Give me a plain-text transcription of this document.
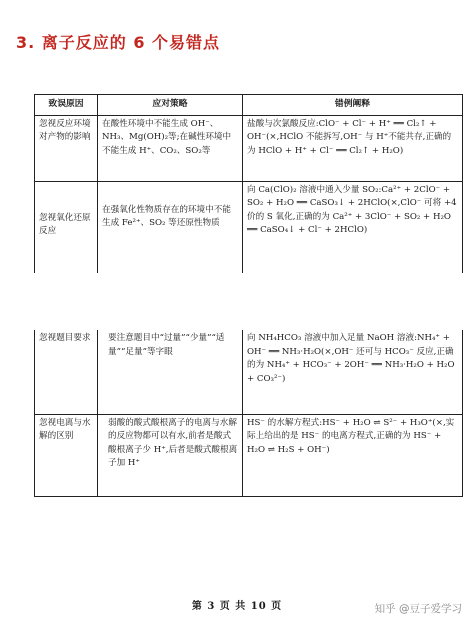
3. 离子反应的 6 个易错点
致误原因	应对策略	错例阐释
忽视反应环境对产物的影响	在酸性环境中不能生成 OH⁻、NH₃、Mg(OH)₂等;在碱性环境中不能生成 H⁺、CO₂、SO₂等	盐酸与次氯酸反应:ClO⁻ + Cl⁻ + H⁺ ══ Cl₂↑ + OH⁻(×,HClO 不能拆写,OH⁻ 与 H⁺不能共存,正确的为 HClO + H⁺ + Cl⁻ ══ Cl₂↑ + H₂O)
忽视氧化还原反应	在强氧化性物质存在的环境中不能生成 Fe²⁺、SO₂ 等还原性物质	向 Ca(ClO)₂ 溶液中通入少量 SO₂:Ca²⁺ + 2ClO⁻ + SO₂ + H₂O ══ CaSO₃↓ + 2HClO(×,ClO⁻ 可将 +4 价的 S 氧化,正确的为 Ca²⁺ + 3ClO⁻ + SO₂ + H₂O ══ CaSO₄↓ + Cl⁻ + 2HClO)
忽视题目要求	要注意题目中“过量”“少量”“适量”“足量”等字眼	向 NH₄HCO₃ 溶液中加入足量 NaOH 溶液:NH₄⁺ + OH⁻ ══ NH₃·H₂O(×,OH⁻ 还可与 HCO₃⁻ 反应,正确的为 NH₄⁺ + HCO₃⁻ + 2OH⁻ ══ NH₃·H₂O + H₂O + CO₃²⁻)
忽视电离与水解的区别	弱酸的酸式酸根离子的电离与水解的反应物都可以有水,前者是酸式酸根离子少 H⁺,后者是酸式酸根离子加 H⁺	HS⁻ 的水解方程式:HS⁻ + H₂O ⇌ S²⁻ + H₃O⁺(×,实际上给出的是 HS⁻ 的电离方程式,正确的为 HS⁻ + H₂O ⇌ H₂S + OH⁻)
第 3 页 共 10 页	知乎 @豆子爱学习
